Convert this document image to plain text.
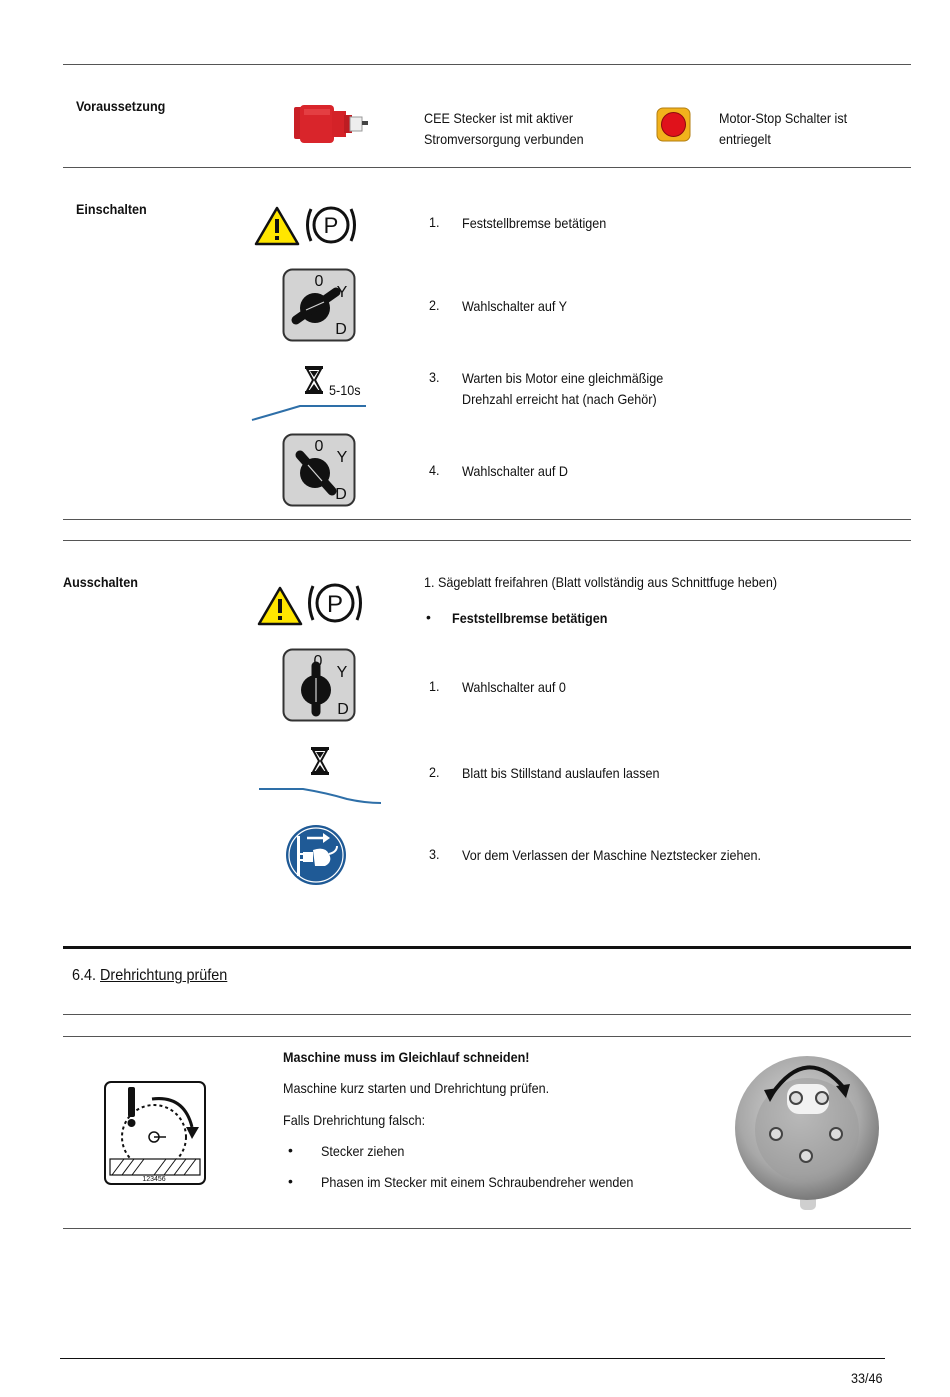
Voraussetzung
CEE Stecker ist mit aktiver
Stromversorgung verbunden
Motor-Stop Schalter ist
entriegelt
Einschalten
P
0
Y
D
5-10s
0
Y
D
1. Feststellbremse betätigen
2. Wahlschalter auf Y
3. Warten bis Motor eine gleichmäßige
Drehzahl erreicht hat (nach Gehör)
4. Wahlschalter auf D
Ausschalten
P
1. Sägeblatt freifahren (Blatt vollständig aus Schnittfuge heben)
• Feststellbremse betätigen
0
Y
D
1. Wahlschalter auf 0
2. Blatt bis Stillstand auslaufen lassen
3. Vor dem Verlassen der Maschine Neztstecker ziehen.
6.4. Drehrichtung prüfen
123456
Maschine muss im Gleichlauf schneiden!
Maschine kurz starten und Drehrichtung prüfen.
Falls Drehrichtung falsch:
• Stecker ziehen
• Phasen im Stecker mit einem Schraubendreher wenden
33/46
